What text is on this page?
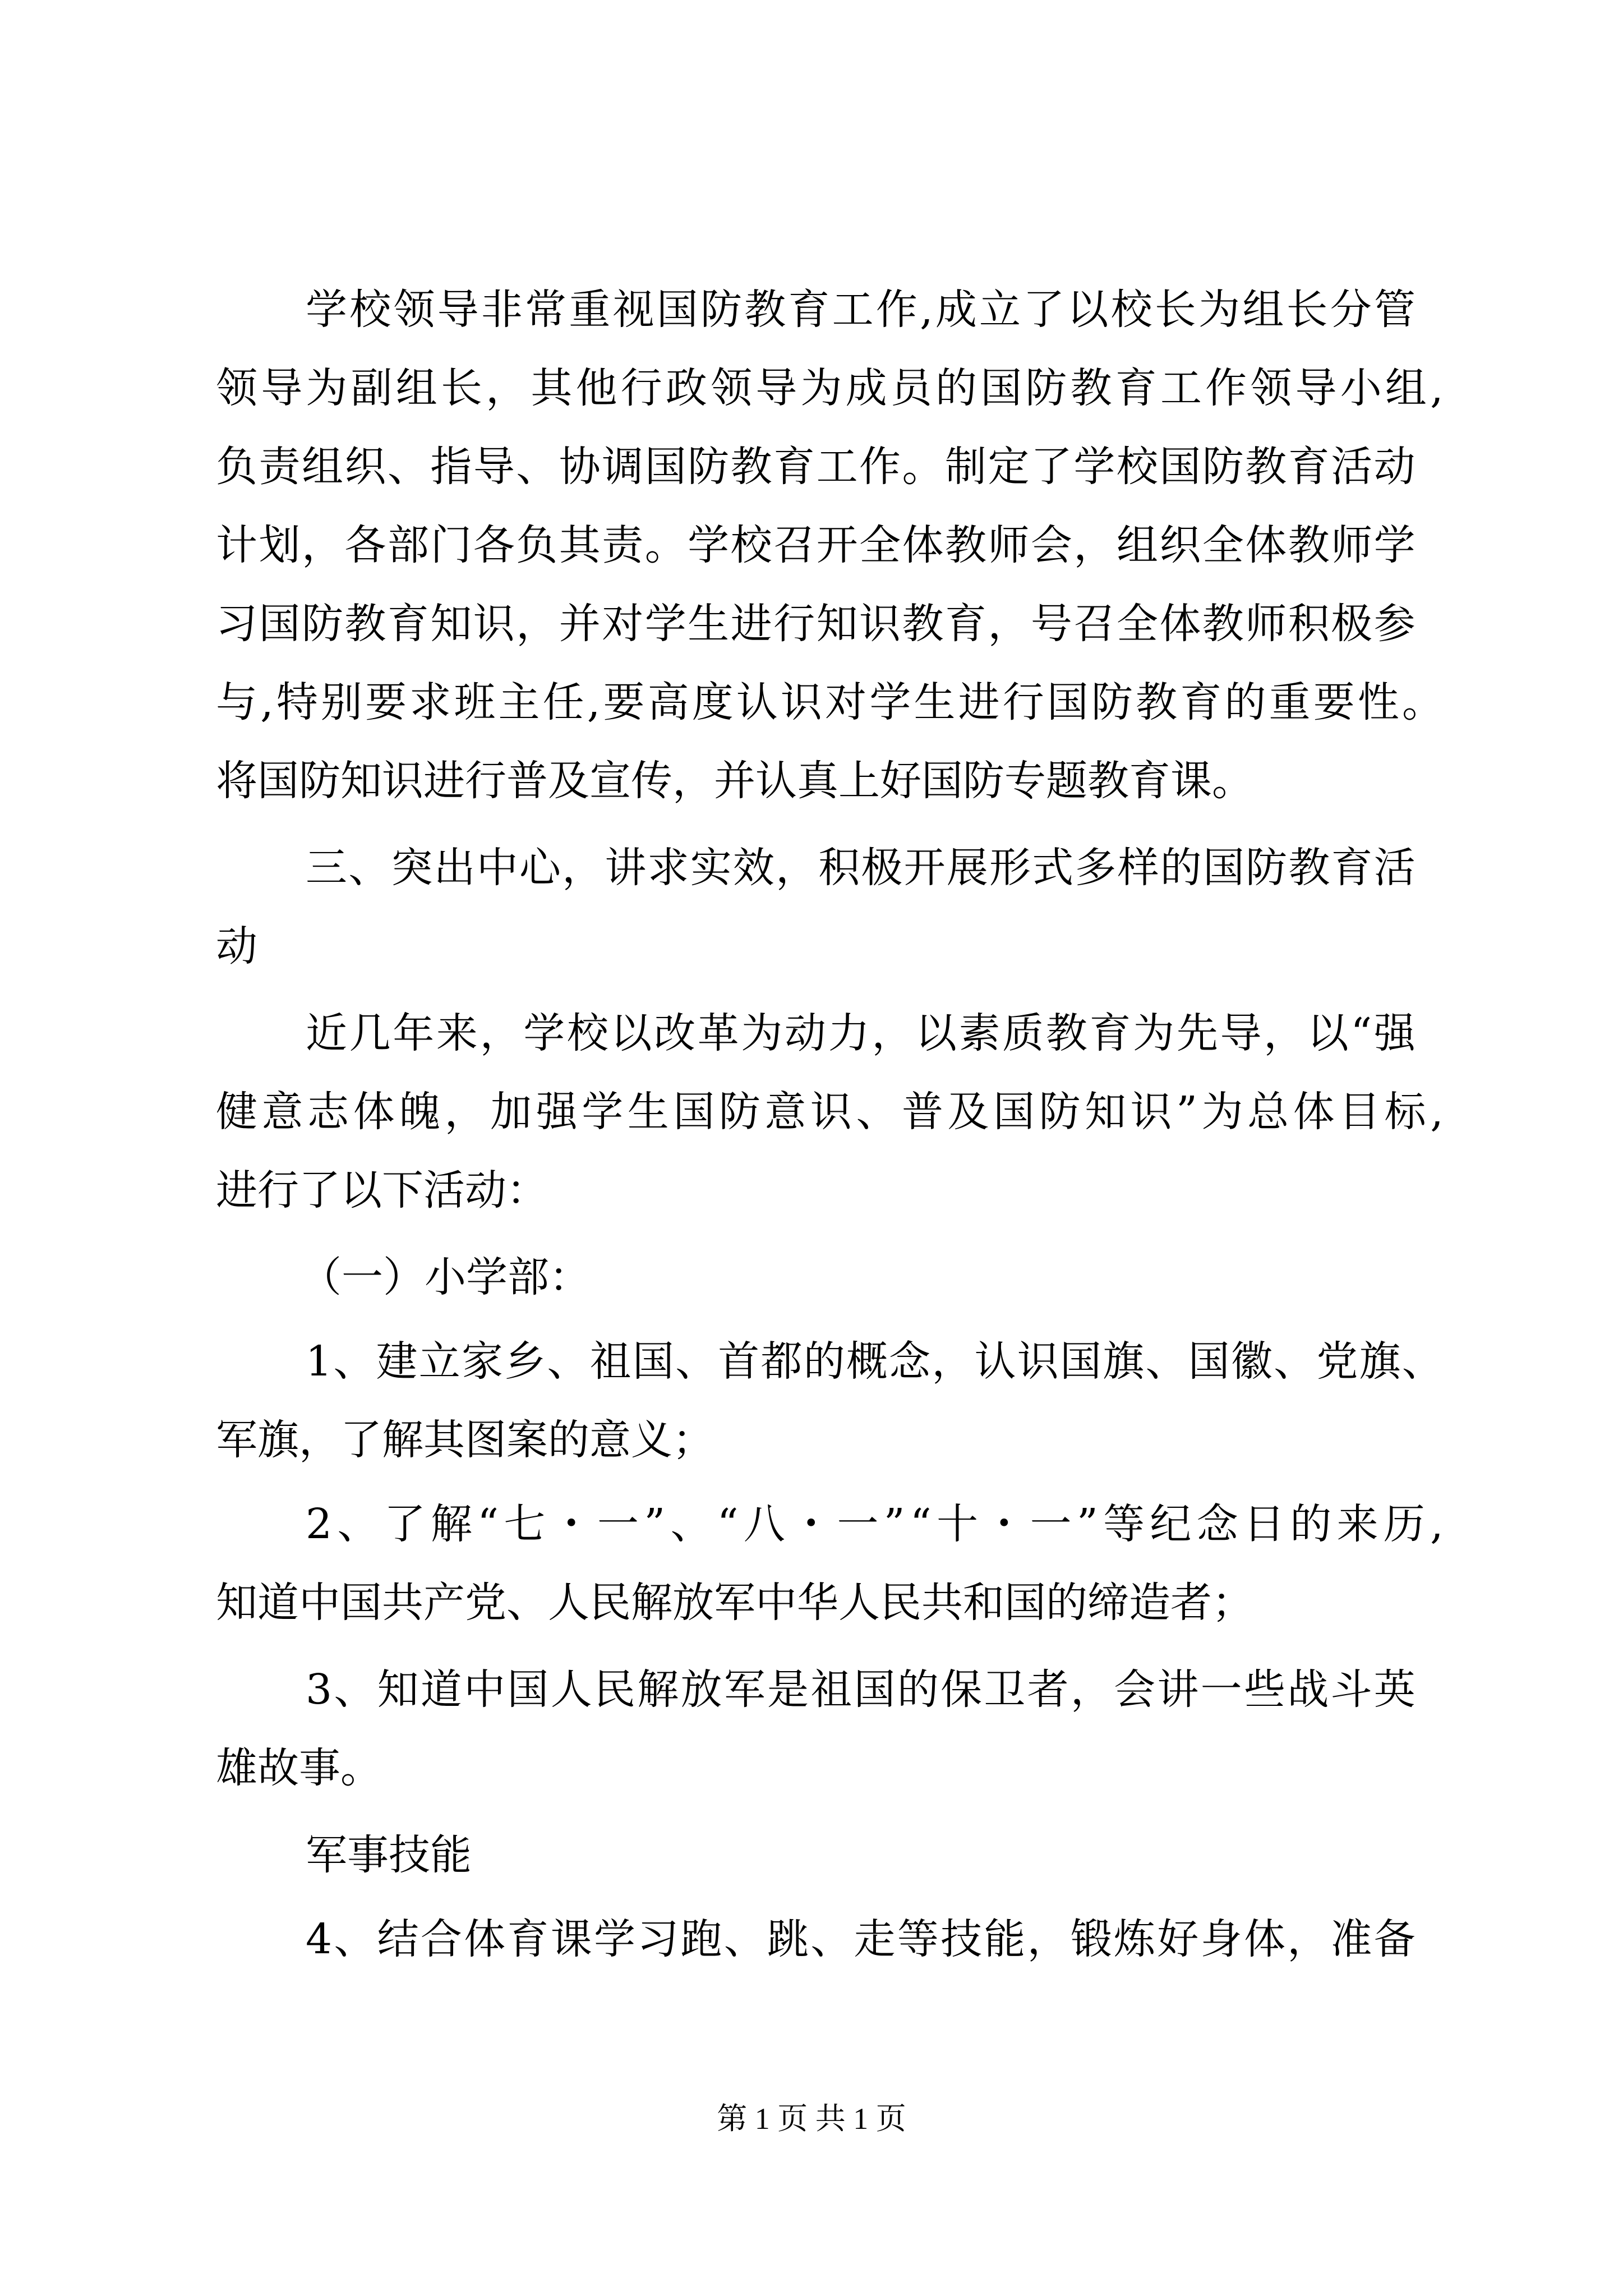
学 校 领 导 非 常 重 视 国 防 教 育 工 作 , 成 立 了 以 校 长 为 组 长 分 管
领 导 为 副 组 长 ， 其 他 行 政 领 导 为 成 员 的 国 防 教 育 工 作 领 导 小 组 ,
负 责 组 织 、 指 导 、 协 调 国 防 教 育 工 作 。 制 定 了 学 校 国 防 教 育 活 动
计 划 ， 各 部 门 各 负 其 责 。 学 校 召 开 全 体 教 师 会 ， 组 织 全 体 教 师 学
习 国 防 教 育 知 识 ， 并 对 学 生 进 行 知 识 教 育 ， 号 召 全 体 教 师 积 极 参
与 , 特 别 要 求 班 主 任 , 要 高 度 认 识 对 学 生 进 行 国 防 教 育 的 重 要 性 。
将国防知识进行普及宣传，并认真上好国防专题教育课。
三 、 突 出 中 心 ， 讲 求 实 效 ， 积 极 开 展 形 式 多 样 的 国 防 教 育 活
动
近 几 年 来 ， 学 校 以 改 革 为 动 力 ， 以 素 质 教 育 为 先 导 ， 以 “ 强
健 意 志 体 魄 ， 加 强 学 生 国 防 意 识 、 普 及 国 防 知 识 ” 为 总 体 目 标 ,
进行了以下活动：
（一）小学部：
1 、 建 立 家 乡 、 祖 国 、 首 都 的 概 念 ， 认 识 国 旗 、 国 徽 、 党 旗 、
军旗，了解其图案的意义；
2 、 了 解 “ 七 ・ 一 ” 、 “ 八 ・ 一 ” “ 十 ・ 一 ” 等 纪 念 日 的 来 历 ,
知道中国共产党、人民解放军中华人民共和国的缔造者；
3 、 知 道 中 国 人 民 解 放 军 是 祖 国 的 保 卫 者 ， 会 讲 一 些 战 斗 英
雄故事。
军事技能
4 、 结 合 体 育 课 学 习 跑 、 跳 、 走 等 技 能 ， 锻 炼 好 身 体 ， 准 备
第 1 页 共 1 页
